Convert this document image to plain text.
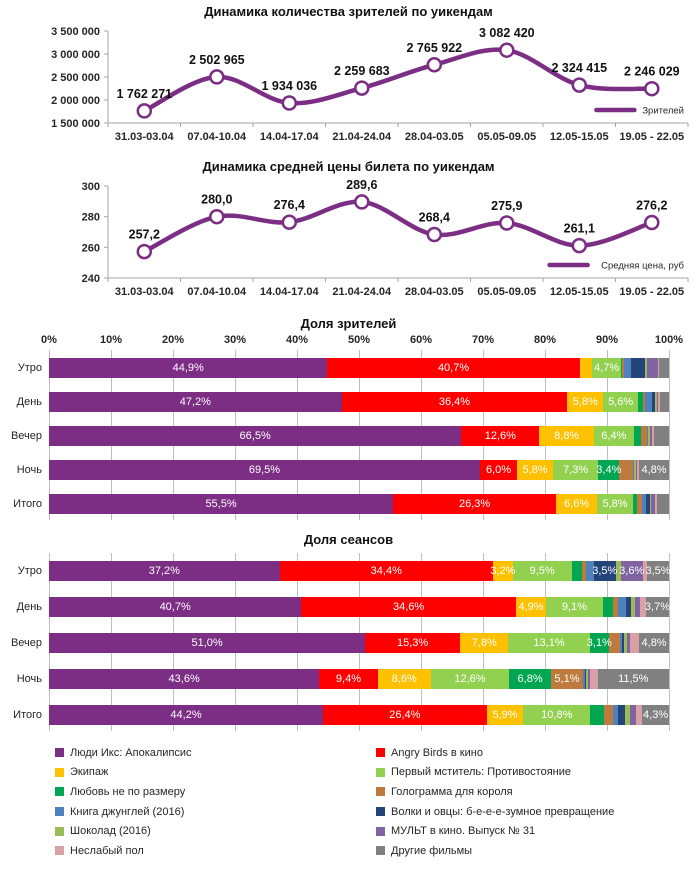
Динамика количества зрителей по уикендам
1 500 000
2 000 000
2 500 000
3 000 000
3 500 000
31.03-03.04 07.04-10.04 14.04-17.04 21.04-24.04 28.04-03.05 05.05-09.05 12.05-15.05 19.05 - 22.05
1 762 271
2 502 965
1 934 036
2 259 683
2 765 922
3 082 420
2 324 415 2 246 029
Зрителей
Динамика средней цены билета по уикендам
240
260
280
300
31.03-03.04 07.04-10.04 14.04-17.04 21.04-24.04 28.04-03.05 05.05-09.05 12.05-15.05 19.05 - 22.05
257,2
280,0	276,4
289,6
268,4
275,9
261,1
276,2
Средняя цена, руб
Доля зрителей
0%	10%	20%	30%	40%	50%	60%	70%	80%	90%	100%
Утро	44,9%	40,7%	4,7%
День	47,2%	36,4%	5,8% 5,6%
Вечер	66,5%	12,6%	8,8% 6,4%
Ночь	69,5%	6,0% 5,8% 7,3% 3,4% 4,8%
Итого	55,5%	26,3%	6,6% 5,8%
Доля сеансов
Утро	37,2%	34,4%	3,2% 9,5%	3,5% 3,6% 3,5%
День	40,7%	34,6%	4,9% 9,1%	3,7%
Вечер	51,0%	15,3%	7,8%	13,1% 3,1%	4,8%
Ночь	43,6%	9,4%	8,6%	12,6%	6,8% 5,1%	11,5%
Итого	44,2%	26,4%	5,9% 10,8%	4,3%
Люди Икс: Апокалипсис
Экипаж
Любовь не по размеру
Книга джунглей (2016)
Шоколад (2016)
Неслабый пол
Angry Birds в кино
Первый мститель: Противостояние
Голограмма для короля
Волки и овцы: б-е-е-е-зумное превращение
МУЛЬТ в кино. Выпуск № 31
Другие фильмы
